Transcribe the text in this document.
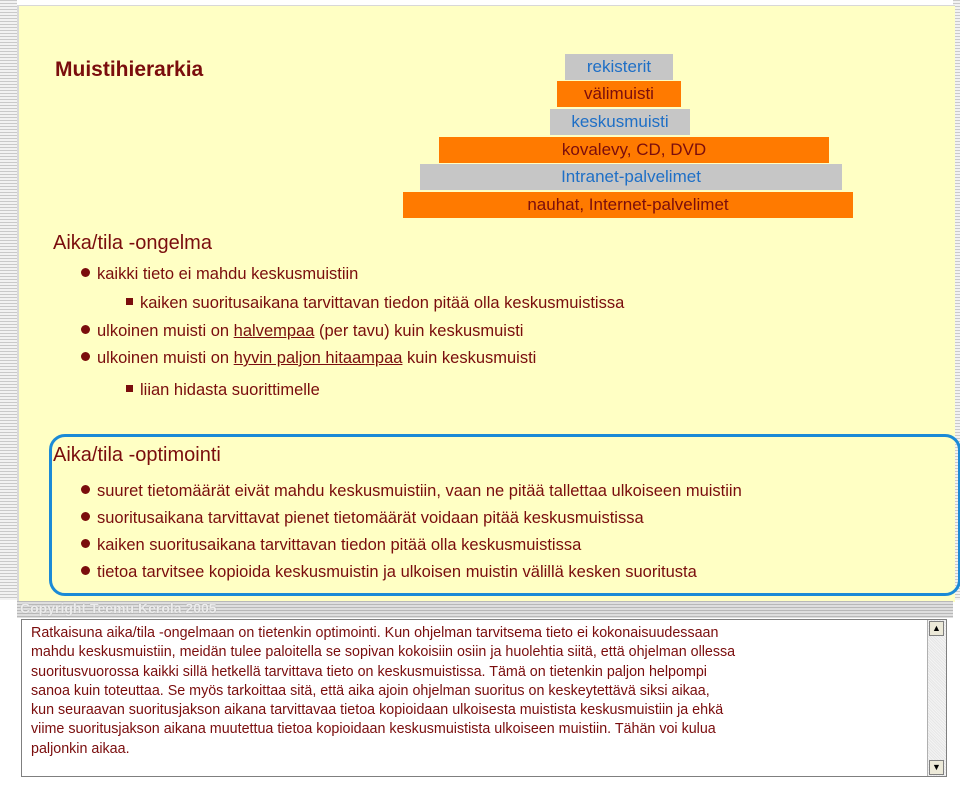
Muistihierarkia	rekisterit
välimuisti
keskusmuisti
kovalevy, CD, DVD
Intranet-palvelimet
nauhat, Internet-palvelimet
Aika/tila -ongelma
kaikki tieto ei mahdu keskusmuistiin
kaiken suoritusaikana tarvittavan tiedon pitää olla keskusmuistissa
ulkoinen muisti on halvempaa (per tavu) kuin keskusmuisti
ulkoinen muisti on hyvin paljon hitaampaa kuin keskusmuisti
liian hidasta suorittimelle
Aika/tila -optimointi
suuret tietomäärät eivät mahdu keskusmuistiin, vaan ne pitää tallettaa ulkoiseen muistiin
suoritusaikana tarvittavat pienet tietomäärät voidaan pitää keskusmuistissa
kaiken suoritusaikana tarvittavan tiedon pitää olla keskusmuistissa
tietoa tarvitsee kopioida keskusmuistin ja ulkoisen muistin välillä kesken suoritusta
Copyright Teemu Kerola 2005
Ratkaisuna aika/tila -ongelmaan on tietenkin optimointi. Kun ohjelman tarvitsema tieto ei kokonaisuudessaan
mahdu keskusmuistiin, meidän tulee paloitella se sopivan kokoisiin osiin ja huolehtia siitä, että ohjelman ollessa
suoritusvuorossa kaikki sillä hetkellä tarvittava tieto on keskusmuistissa. Tämä on tietenkin paljon helpompi
sanoa kuin toteuttaa. Se myös tarkoittaa sitä, että aika ajoin ohjelman suoritus on keskeytettävä siksi aikaa,
kun seuraavan suoritusjakson aikana tarvittavaa tietoa kopioidaan ulkoisesta muistista keskusmuistiin ja ehkä
viime suoritusjakson aikana muutettua tietoa kopioidaan keskusmuistista ulkoiseen muistiin. Tähän voi kulua
paljonkin aikaa.
▲
▼
